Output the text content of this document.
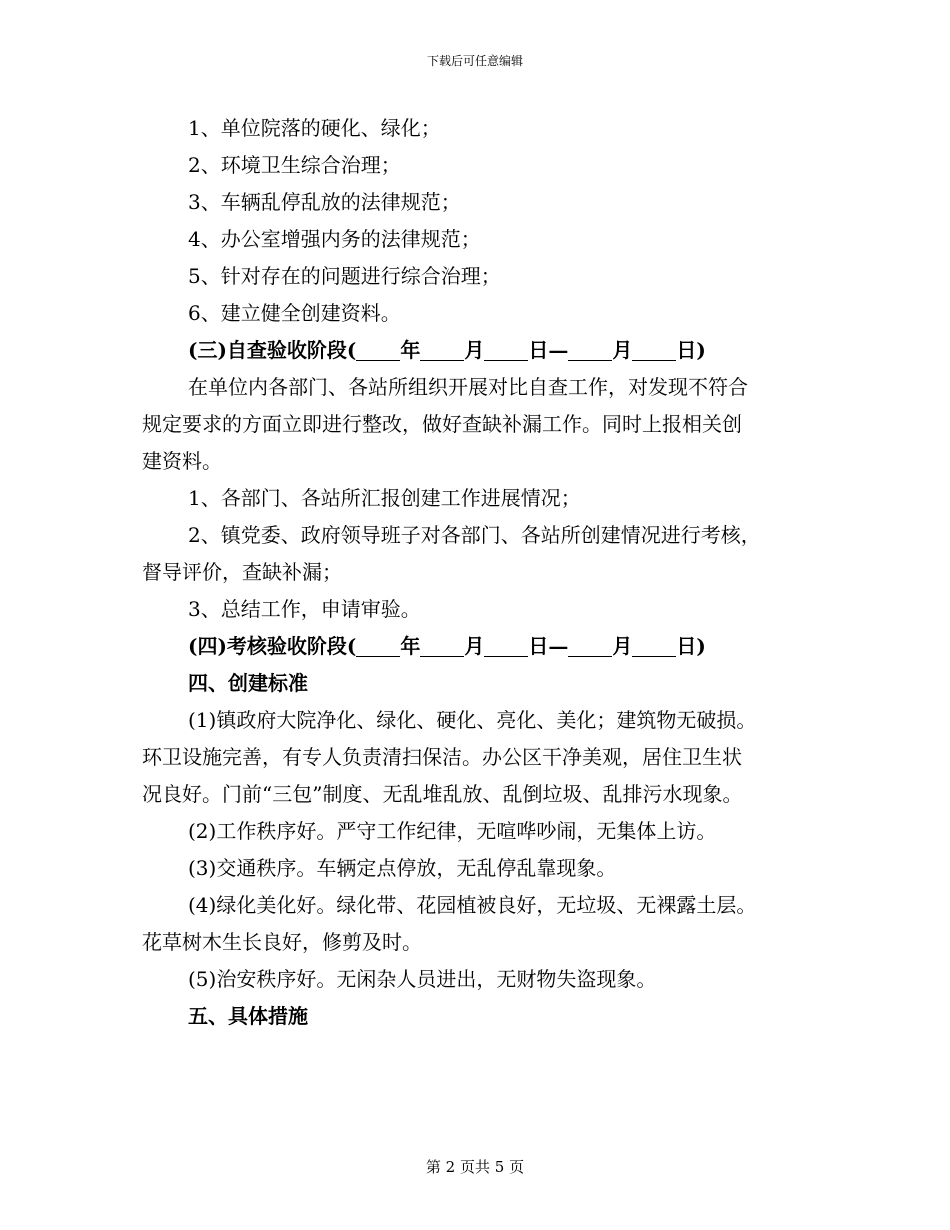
下载后可任意编辑

1、单位院落的硬化、绿化；

2、环境卫生综合治理；

3、车辆乱停乱放的法律规范；

4、办公室增强内务的法律规范；

5、针对存在的问题进行综合治理；

6、建立健全创建资料。

(三)自查验收阶段( 年 月 日— 月 日)

在单位内各部门、各站所组织开展对比自查工作，对发现不符合

规定要求的方面立即进行整改，做好查缺补漏工作。同时上报相关创

建资料。

1、各部门、各站所汇报创建工作进展情况；

2、镇党委、政府领导班子对各部门、各站所创建情况进行考核，

督导评价，查缺补漏；

3、总结工作，申请审验。

(四)考核验收阶段( 年 月 日— 月 日)

四、创建标准

(1)镇政府大院净化、绿化、硬化、亮化、美化；建筑物无破损。

环卫设施完善，有专人负责清扫保洁。办公区干净美观，居住卫生状

况良好。门前“三包”制度、无乱堆乱放、乱倒垃圾、乱排污水现象。

(2)工作秩序好。严守工作纪律，无喧哗吵闹，无集体上访。

(3)交通秩序。车辆定点停放，无乱停乱靠现象。

(4)绿化美化好。绿化带、花园植被良好，无垃圾、无裸露土层。

花草树木生长良好，修剪及时。

(5)治安秩序好。无闲杂人员进出，无财物失盗现象。

五、具体措施

第 2 页共 5 页
